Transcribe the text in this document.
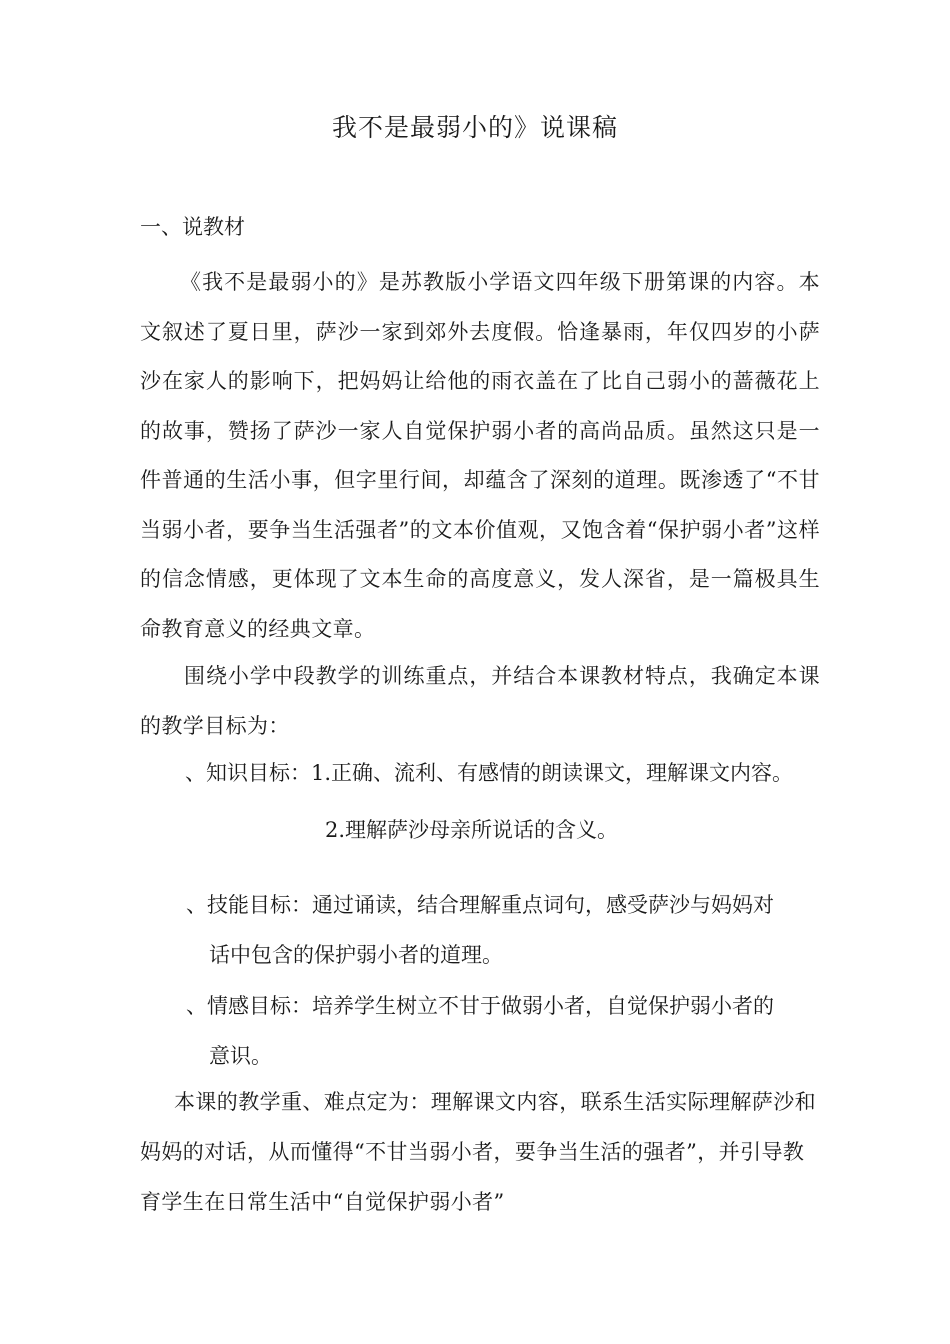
我不是最弱小的》说课稿
一、说教材
《我不是最弱小的》是苏教版小学语文四年级下册第课的内容。本文叙述了夏日里，萨沙一家到郊外去度假。恰逢暴雨，年仅四岁的小萨沙在家人的影响下，把妈妈让给他的雨衣盖在了比自己弱小的蔷薇花上的故事，赞扬了萨沙一家人自觉保护弱小者的高尚品质。虽然这只是一件普通的生活小事，但字里行间，却蕴含了深刻的道理。既渗透了“不甘当弱小者，要争当生活强者”的文本价值观，又饱含着“保护弱小者”这样的信念情感，更体现了文本生命的高度意义，发人深省，是一篇极具生命教育意义的经典文章。
围绕小学中段教学的训练重点，并结合本课教材特点，我确定本课的教学目标为：
、知识目标：1.正确、流利、有感情的朗读课文，理解课文内容。
2.理解萨沙母亲所说话的含义。
、技能目标：通过诵读，结合理解重点词句，感受萨沙与妈妈对
话中包含的保护弱小者的道理。
、情感目标：培养学生树立不甘于做弱小者，自觉保护弱小者的
意识。
本课的教学重、难点定为：理解课文内容，联系生活实际理解萨沙和妈妈的对话，从而懂得“不甘当弱小者，要争当生活的强者”，并引导教育学生在日常生活中“自觉保护弱小者”
